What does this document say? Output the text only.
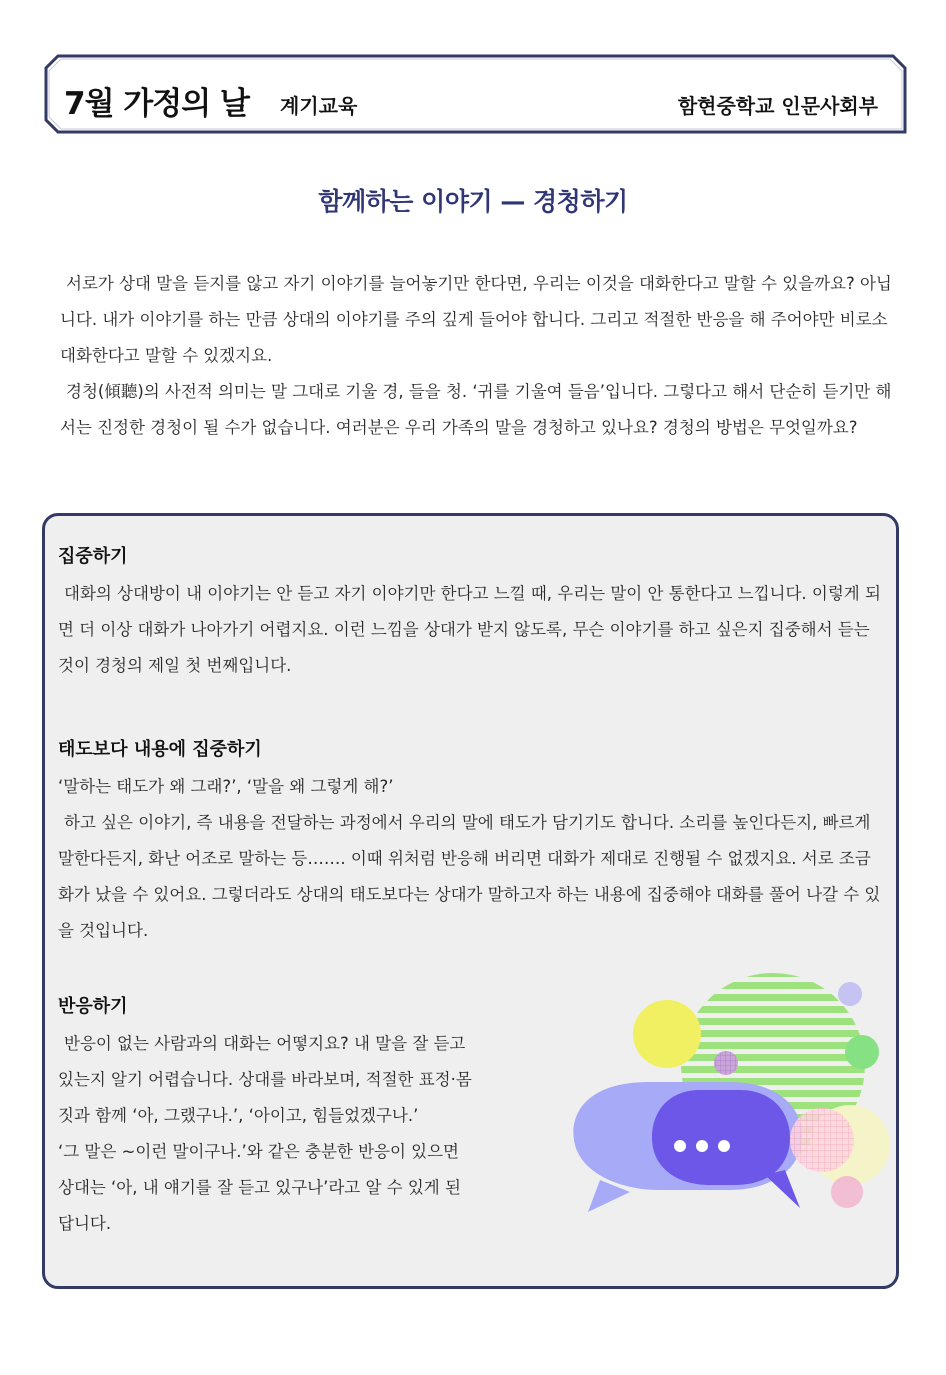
7월 가정의 날 계기교육	함현중학교 인문사회부
함께하는 이야기 — 경청하기

서로가 상대 말을 듣지를 않고 자기 이야기를 늘어놓기만 한다면, 우리는 이것을 대화한다고 말할 수 있을까요? 아닙니다. 내가 이야기를 하는 만큼 상대의 이야기를 주의 깊게 들어야 합니다. 그리고 적절한 반응을 해 주어야만 비로소 대화한다고 말할 수 있겠지요.

경청(傾聽)의 사전적 의미는 말 그대로 기울 경, 들을 청. ‘귀를 기울여 들음’입니다. 그렇다고 해서 단순히 듣기만 해서는 진정한 경청이 될 수가 없습니다. 여러분은 우리 가족의 말을 경청하고 있나요? 경청의 방법은 무엇일까요?

집중하기

대화의 상대방이 내 이야기는 안 듣고 자기 이야기만 한다고 느낄 때, 우리는 말이 안 통한다고 느낍니다. 이렇게 되면 더 이상 대화가 나아가기 어렵지요. 이런 느낌을 상대가 받지 않도록, 무슨 이야기를 하고 싶은지 집중해서 듣는 것이 경청의 제일 첫 번째입니다.

태도보다 내용에 집중하기

‘말하는 태도가 왜 그래?’, ‘말을 왜 그렇게 해?’

하고 싶은 이야기, 즉 내용을 전달하는 과정에서 우리의 말에 태도가 담기기도 합니다. 소리를 높인다든지, 빠르게 말한다든지, 화난 어조로 말하는 등……. 이때 위처럼 반응해 버리면 대화가 제대로 진행될 수 없겠지요. 서로 조금 화가 났을 수 있어요. 그렇더라도 상대의 태도보다는 상대가 말하고자 하는 내용에 집중해야 대화를 풀어 나갈 수 있을 것입니다.

반응하기

반응이 없는 사람과의 대화는 어떻지요? 내 말을 잘 듣고

있는지 알기 어렵습니다. 상대를 바라보며, 적절한 표정·몸

짓과 함께 ‘아, 그랬구나.’, ‘아이고, 힘들었겠구나.’

‘그 말은 ~이런 말이구나.’와 같은 충분한 반응이 있으면

상대는 ‘아, 내 얘기를 잘 듣고 있구나’라고 알 수 있게 된

답니다.
